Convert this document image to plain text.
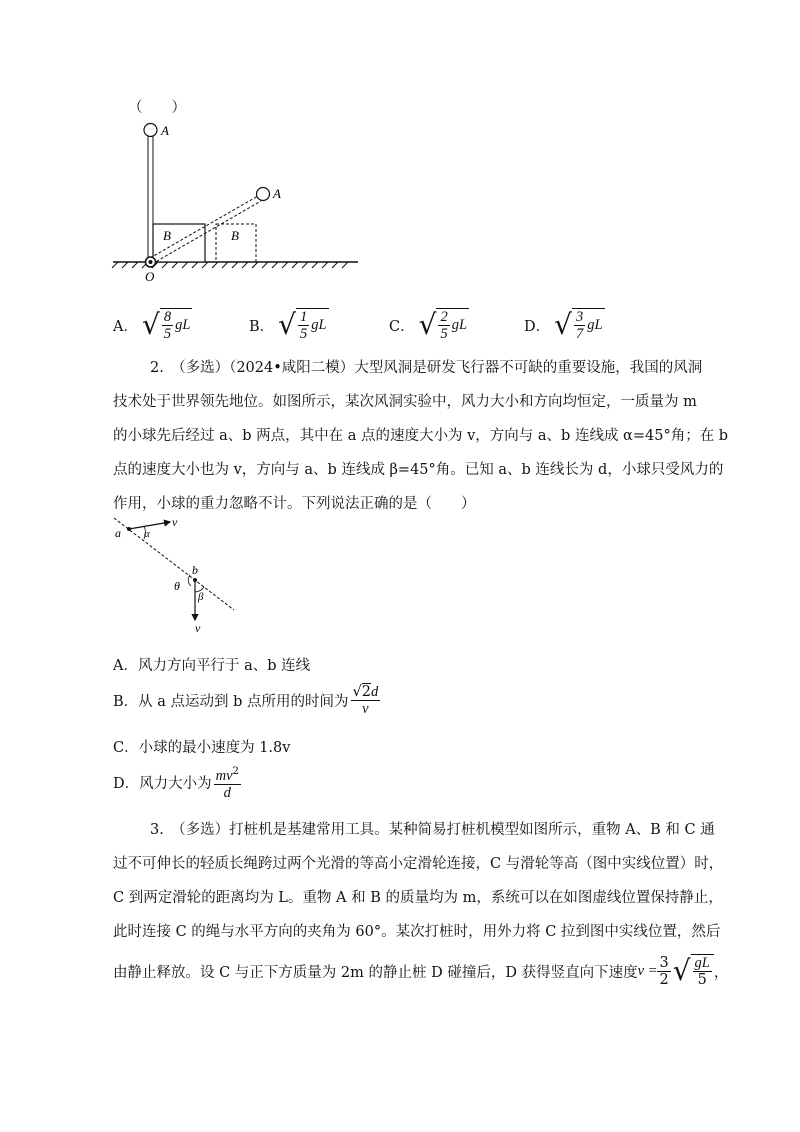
（　　）
A
A
B	B
O
A． √ $\frac{8}{5}$ gL	B． √ $\frac{1}{5}$ gL	C． √ $\frac{2}{5}$ gL	D． √ $\frac{3}{7}$ gL
2.　（多选）（2024•咸阳二模）大型风洞是研发飞行器不可缺的重要设施，我国的风洞
技术处于世界领先地位。如图所示，某次风洞实验中，风力大小和方向均恒定，一质量为 m
的小球先后经过 a、b 两点，其中在 a 点的速度大小为 v，方向与 a、b 连线成 α=45°角；在 b
点的速度大小也为 v，方向与 a、b 连线成 β=45°角。已知 a、b 连线长为 d，小球只受风力的
作用，小球的重力忽略不计。下列说法正确的是（　　）
a α
v
b
θ
β
v
A．风力方向平行于 a、b 连线
B．从 a 点运动到 b 点所用的时间为 $\frac{√2d}{v}$
C．小球的最小速度为 1.8v
D．风力大小为 $\frac{mv^2}{d}$
3.　（多选）打桩机是基建常用工具。某种简易打桩机模型如图所示，重物 A、B 和 C 通
过不可伸长的轻质长绳跨过两个光滑的等高小定滑轮连接，C 与滑轮等高（图中实线位置）时，
C 到两定滑轮的距离均为 L。重物 A 和 B 的质量均为 m，系统可以在如图虚线位置保持静止，
此时连接 C 的绳与水平方向的夹角为 60°。某次打桩时，用外力将 C 拉到图中实线位置，然后
由静止释放。设 C 与正下方质量为 2m 的静止桩 D 碰撞后，D 获得竖直向下速度 $v = \frac{3}{2}$ √ $\frac{gL}{5}$ ，
